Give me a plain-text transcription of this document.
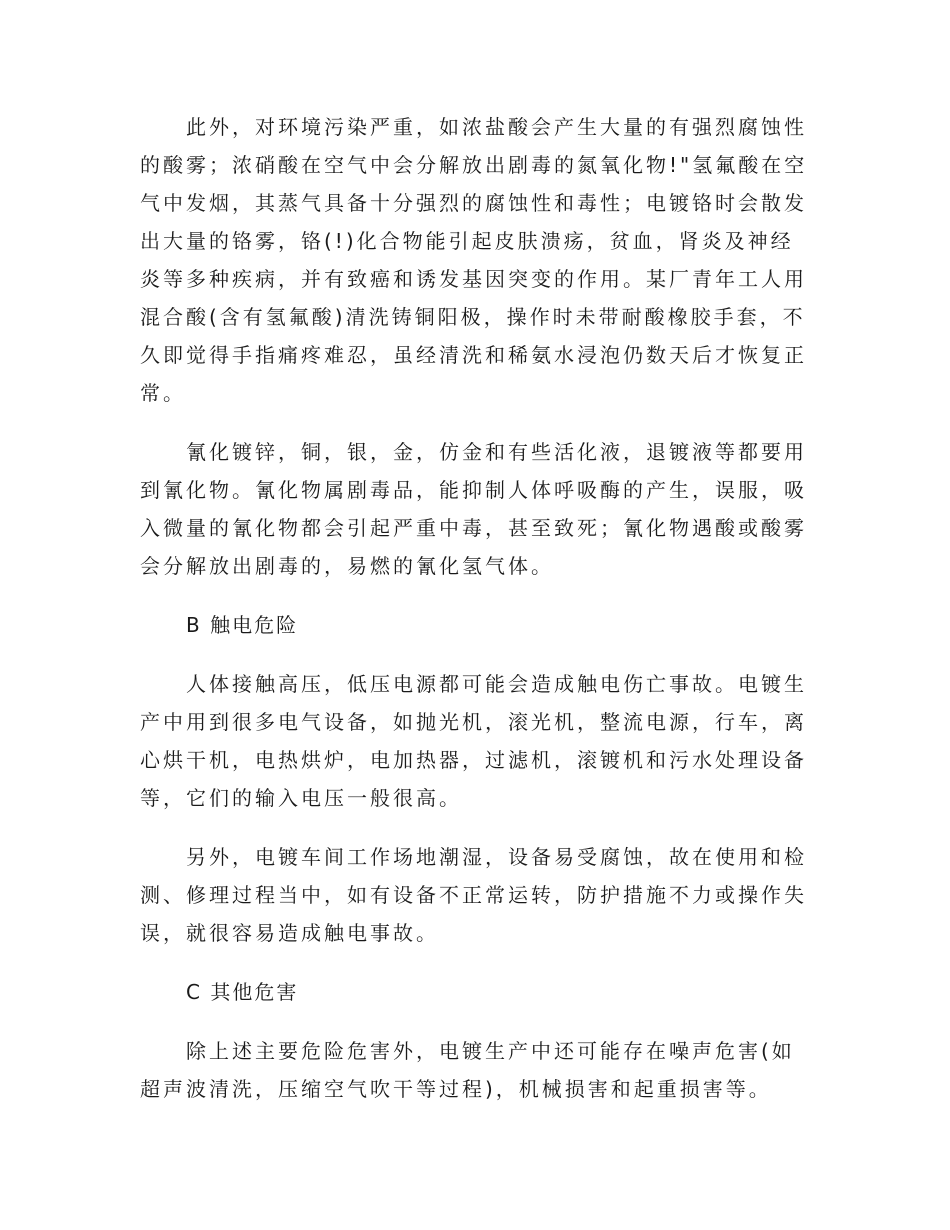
此外，对环境污染严重，如浓盐酸会产生大量的有强烈腐蚀性的酸雾；浓硝酸在空气中会分解放出剧毒的氮氧化物!"氢氟酸在空气中发烟，其蒸气具备十分强烈的腐蚀性和毒性；电镀铬时会散发出大量的铬雾，铬(!)化合物能引起皮肤溃疡，贫血，肾炎及神经炎等多种疾病，并有致癌和诱发基因突变的作用。某厂青年工人用混合酸(含有氢氟酸)清洗铸铜阳极，操作时未带耐酸橡胶手套，不久即觉得手指痛疼难忍，虽经清洗和稀氨水浸泡仍数天后才恢复正常。

氰化镀锌，铜，银，金，仿金和有些活化液，退镀液等都要用到氰化物。氰化物属剧毒品，能抑制人体呼吸酶的产生，误服，吸入微量的氰化物都会引起严重中毒，甚至致死；氰化物遇酸或酸雾会分解放出剧毒的，易燃的氰化氢气体。

B 触电危险

人体接触高压，低压电源都可能会造成触电伤亡事故。电镀生产中用到很多电气设备，如抛光机，滚光机，整流电源，行车，离心烘干机，电热烘炉，电加热器，过滤机，滚镀机和污水处理设备等，它们的输入电压一般很高。

另外，电镀车间工作场地潮湿，设备易受腐蚀，故在使用和检测、修理过程当中，如有设备不正常运转，防护措施不力或操作失误，就很容易造成触电事故。

C 其他危害

除上述主要危险危害外，电镀生产中还可能存在噪声危害(如超声波清洗，压缩空气吹干等过程)，机械损害和起重损害等。
